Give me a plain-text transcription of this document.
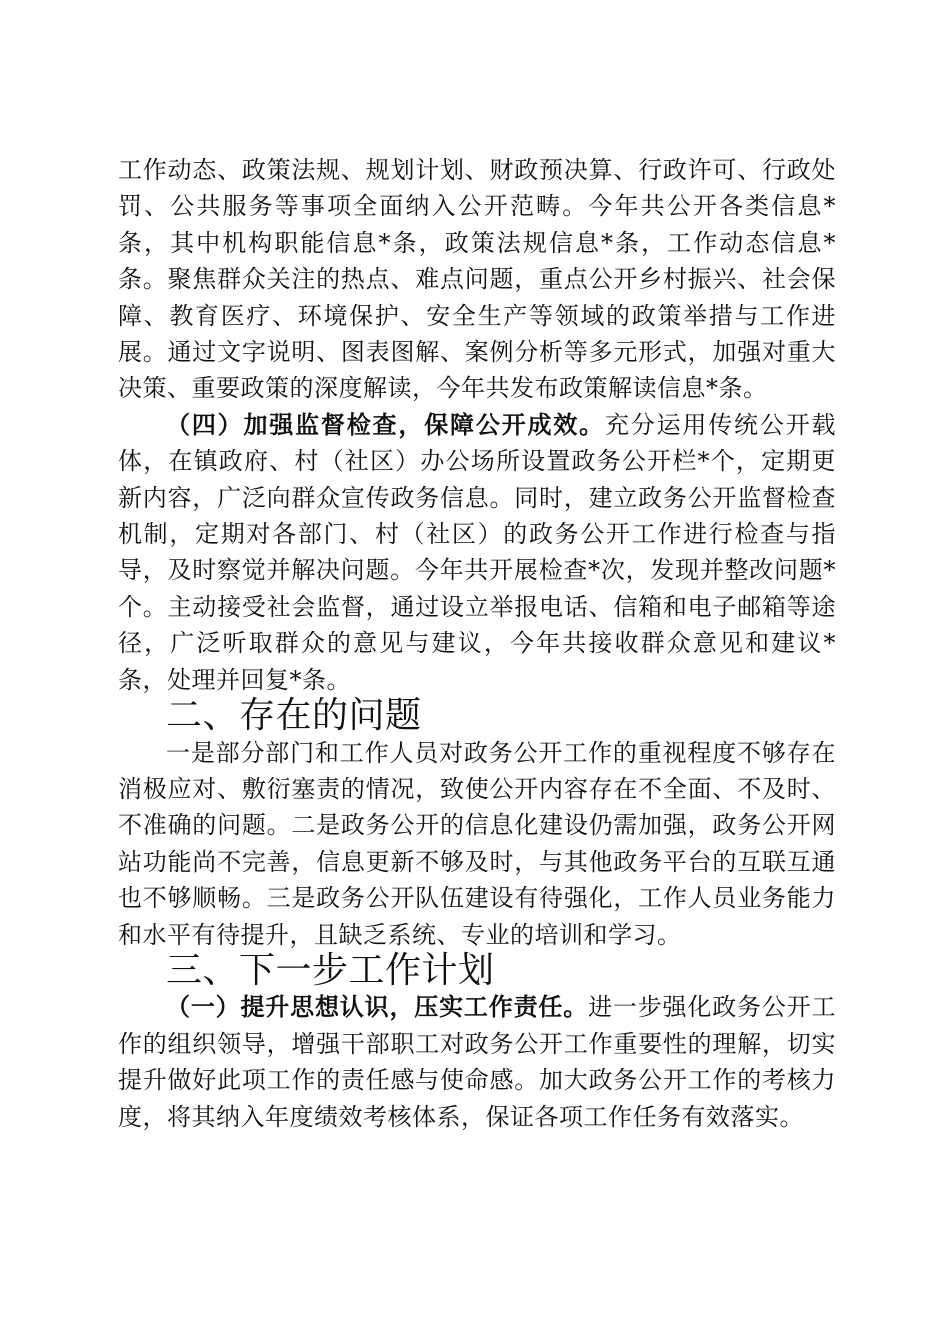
工作动态、政策法规、规划计划、财政预决算、行政许可、行政处罚、公共服务等事项全面纳入公开范畴。今年共公开各类信息*条，其中机构职能信息*条，政策法规信息*条，工作动态信息*条。聚焦群众关注的热点、难点问题，重点公开乡村振兴、社会保障、教育医疗、环境保护、安全生产等领域的政策举措与工作进展。通过文字说明、图表图解、案例分析等多元形式，加强对重大决策、重要政策的深度解读，今年共发布政策解读信息*条。

（四）加强监督检查，保障公开成效。充分运用传统公开载体，在镇政府、村（社区）办公场所设置政务公开栏*个，定期更新内容，广泛向群众宣传政务信息。同时，建立政务公开监督检查机制，定期对各部门、村（社区）的政务公开工作进行检查与指导，及时察觉并解决问题。今年共开展检查*次，发现并整改问题*个。主动接受社会监督，通过设立举报电话、信箱和电子邮箱等途径，广泛听取群众的意见与建议，今年共接收群众意见和建议*条，处理并回复*条。

二、存在的问题

一是部分部门和工作人员对政务公开工作的重视程度不够存在消极应对、敷衍塞责的情况，致使公开内容存在不全面、不及时、不准确的问题。二是政务公开的信息化建设仍需加强，政务公开网站功能尚不完善，信息更新不够及时，与其他政务平台的互联互通也不够顺畅。三是政务公开队伍建设有待强化，工作人员业务能力和水平有待提升，且缺乏系统、专业的培训和学习。

三、下一步工作计划

（一）提升思想认识，压实工作责任。进一步强化政务公开工作的组织领导，增强干部职工对政务公开工作重要性的理解，切实提升做好此项工作的责任感与使命感。加大政务公开工作的考核力度，将其纳入年度绩效考核体系，保证各项工作任务有效落实。
